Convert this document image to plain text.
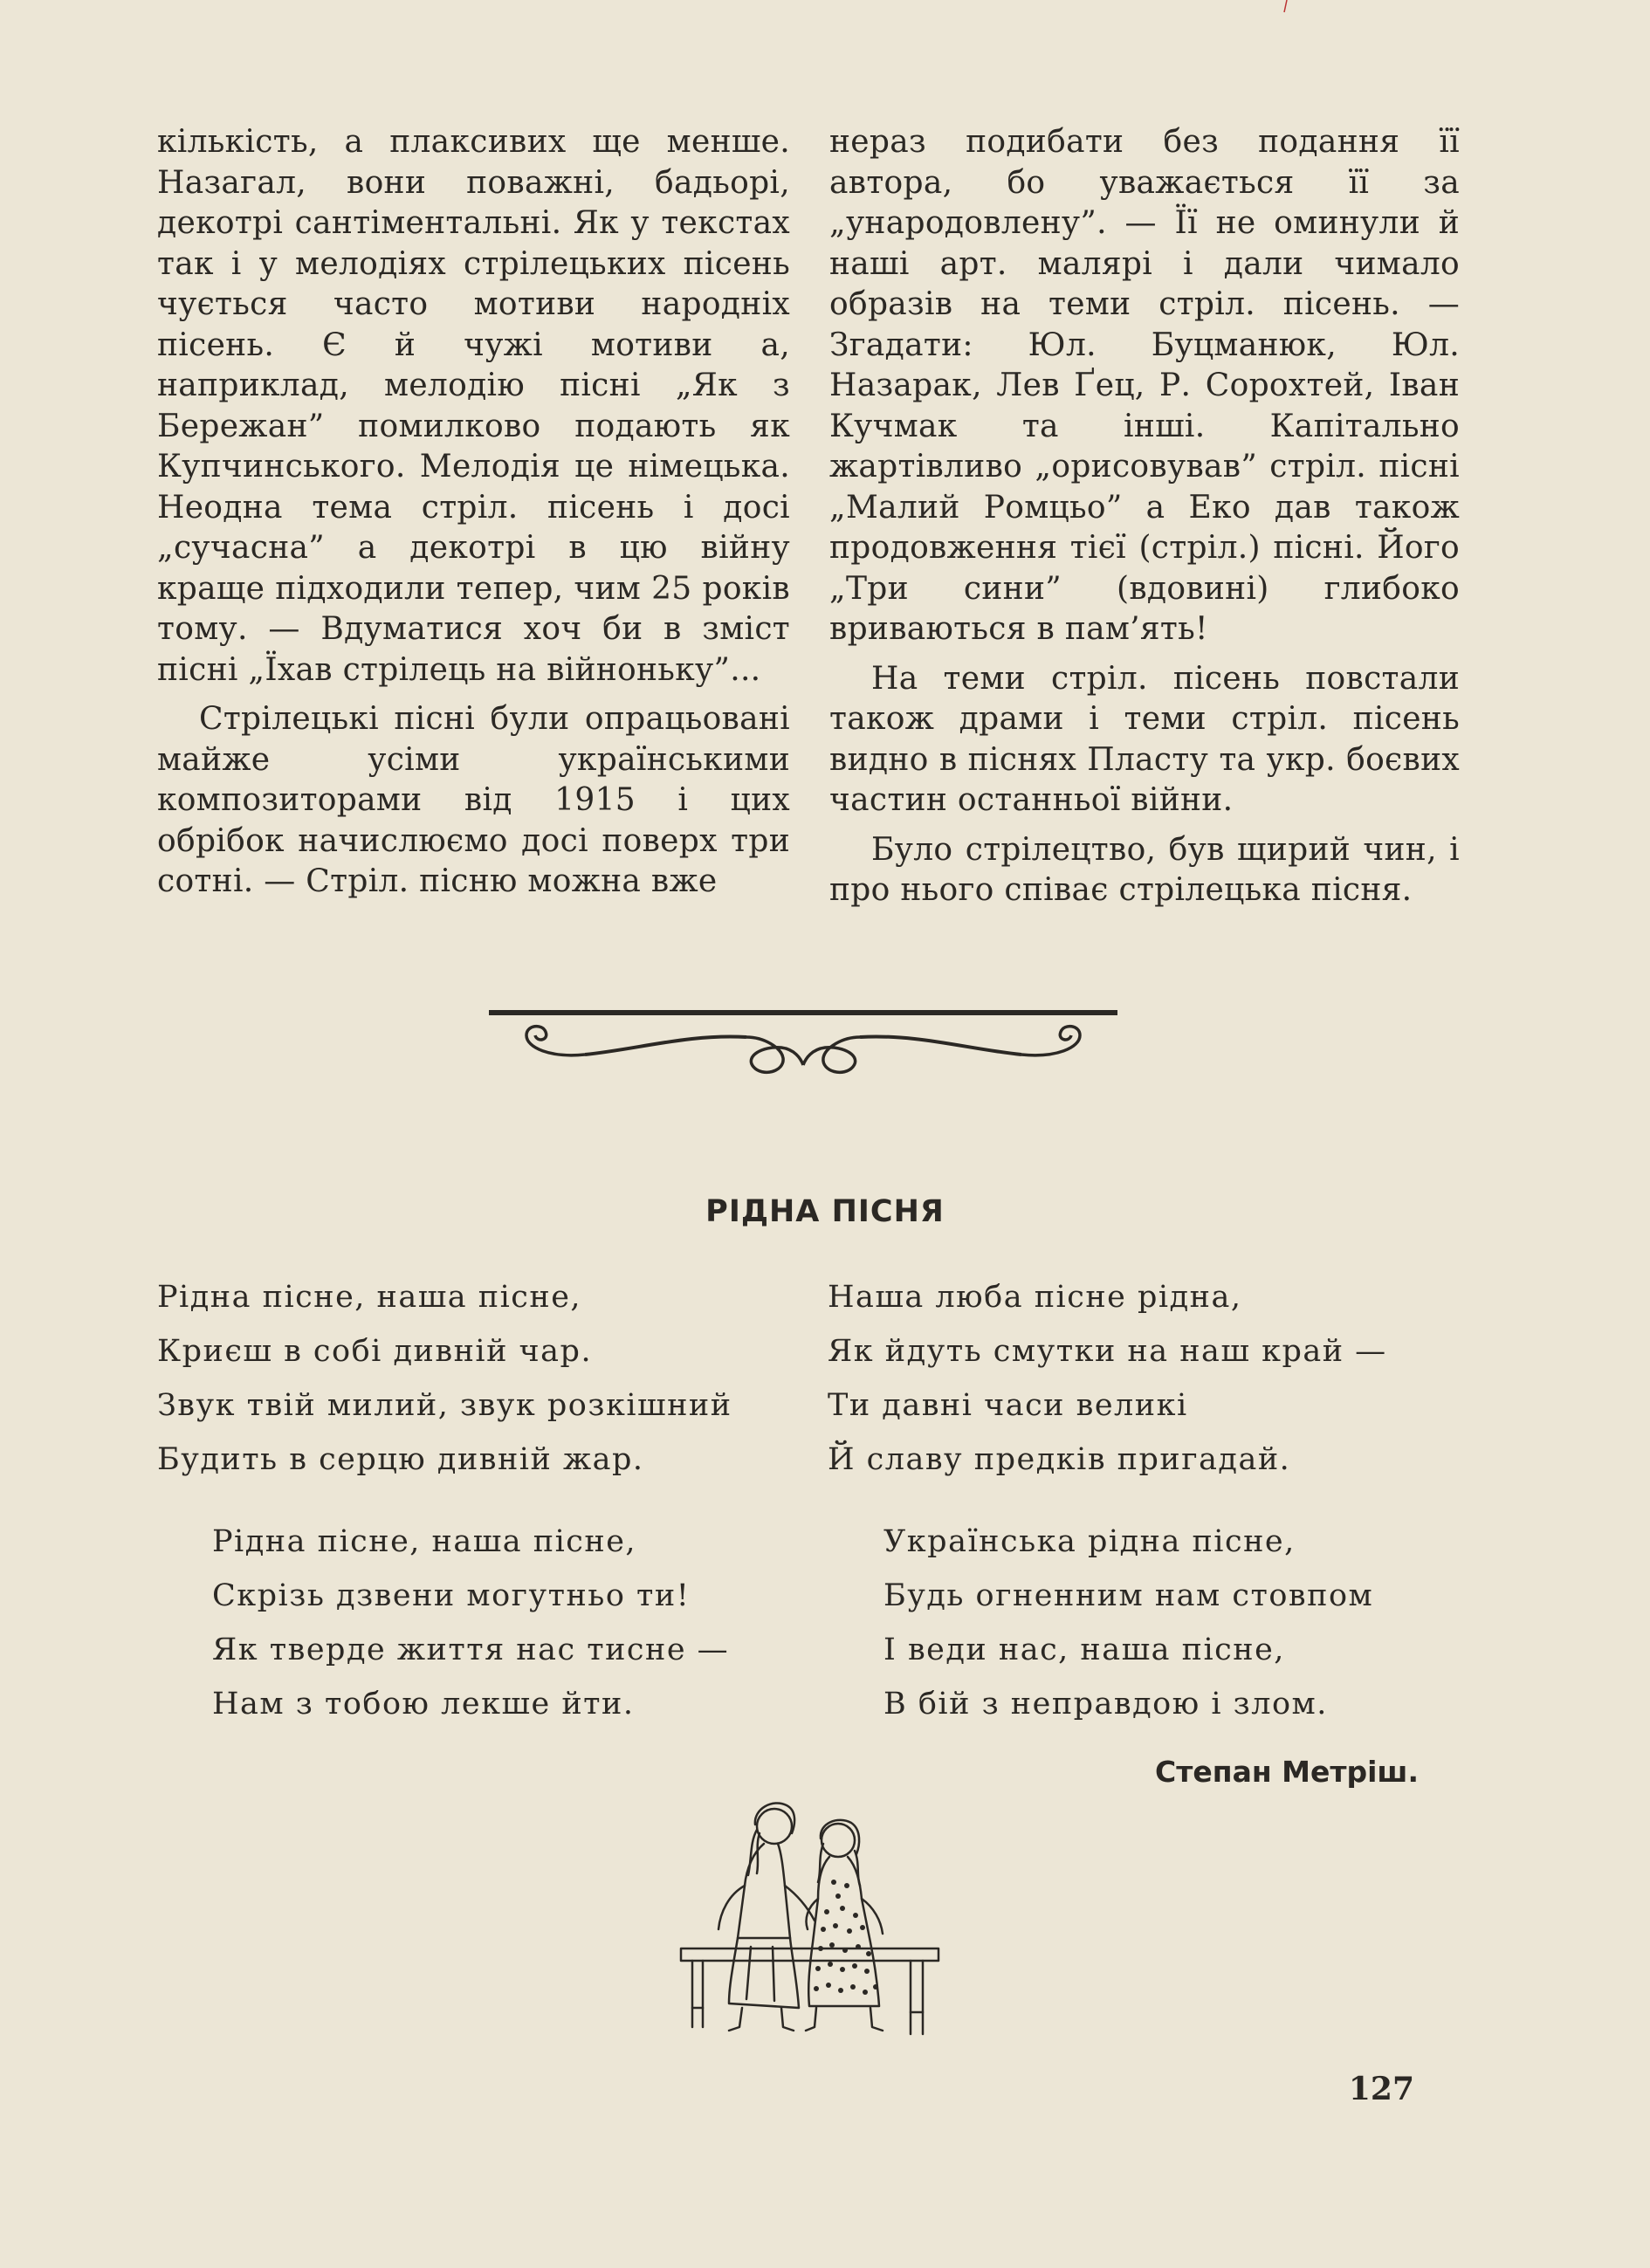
кількість, а плаксивих ще менше. Назагал, вони поважні, бадьорі, декотрі сантіментальні. Як у текстах так і у мелодіях стрілецьких пісень чується часто мотиви народніх пісень. Є й чужі мотиви а, наприклад, мелодію пісні „Як з Бережан” помилково подають як Купчинського. Мелодія це німецька. Неодна тема стріл. пісень і досі „сучасна” а декотрі в цю війну краще підходили тепер, чим 25 років тому. — Вдуматися хоч би в зміст пісні „Їхав стрілець на війноньку”...

Стрілецькі пісні були опрацьовані майже усіми українськими композиторами від 1915 і цих обрібок начислюємо досі поверх три сотні. — Стріл. пісню можна вже

нераз подибати без подання її автора, бо уважається її за „ународовлену”. — Її не оминули й наші арт. малярі і дали чимало образів на теми стріл. пісень. — Згадати: Юл. Буцманюк, Юл. Назарак, Лев Ґец, Р. Сорохтей, Іван Кучмак та інші. Капітально жартівливо „орисовував” стріл. пісні „Малий Ромцьо” а Еко дав також продовження тієї (стріл.) пісні. Його „Три сини” (вдовині) глибоко вриваються в пам’ять!

На теми стріл. пісень повстали також драми і теми стріл. пісень видно в піснях Пласту та укр. боєвих частин останньої війни.

Було стрілецтво, був щирий чин, і про нього співає стрілецька пісня.

РІДНА ПІСНЯ
Рідна пісне, наша пісне,
Криєш в собі дивній чар.
Звук твій милий, звук розкішний
Будить в серцю дивній жар.
Наша люба пісне рідна,
Як йдуть смутки на наш край —
Ти давні часи великі
Й славу предків пригадай.
Рідна пісне, наша пісне,
Скрізь дзвени могутньо ти!
Як тверде життя нас тисне —
Нам з тобою лекше йти.
Українська рідна пісне,
Будь огненним нам стовпом
І веди нас, наша пісне,
В бій з неправдою і злом.
Степан Метріш.
127
